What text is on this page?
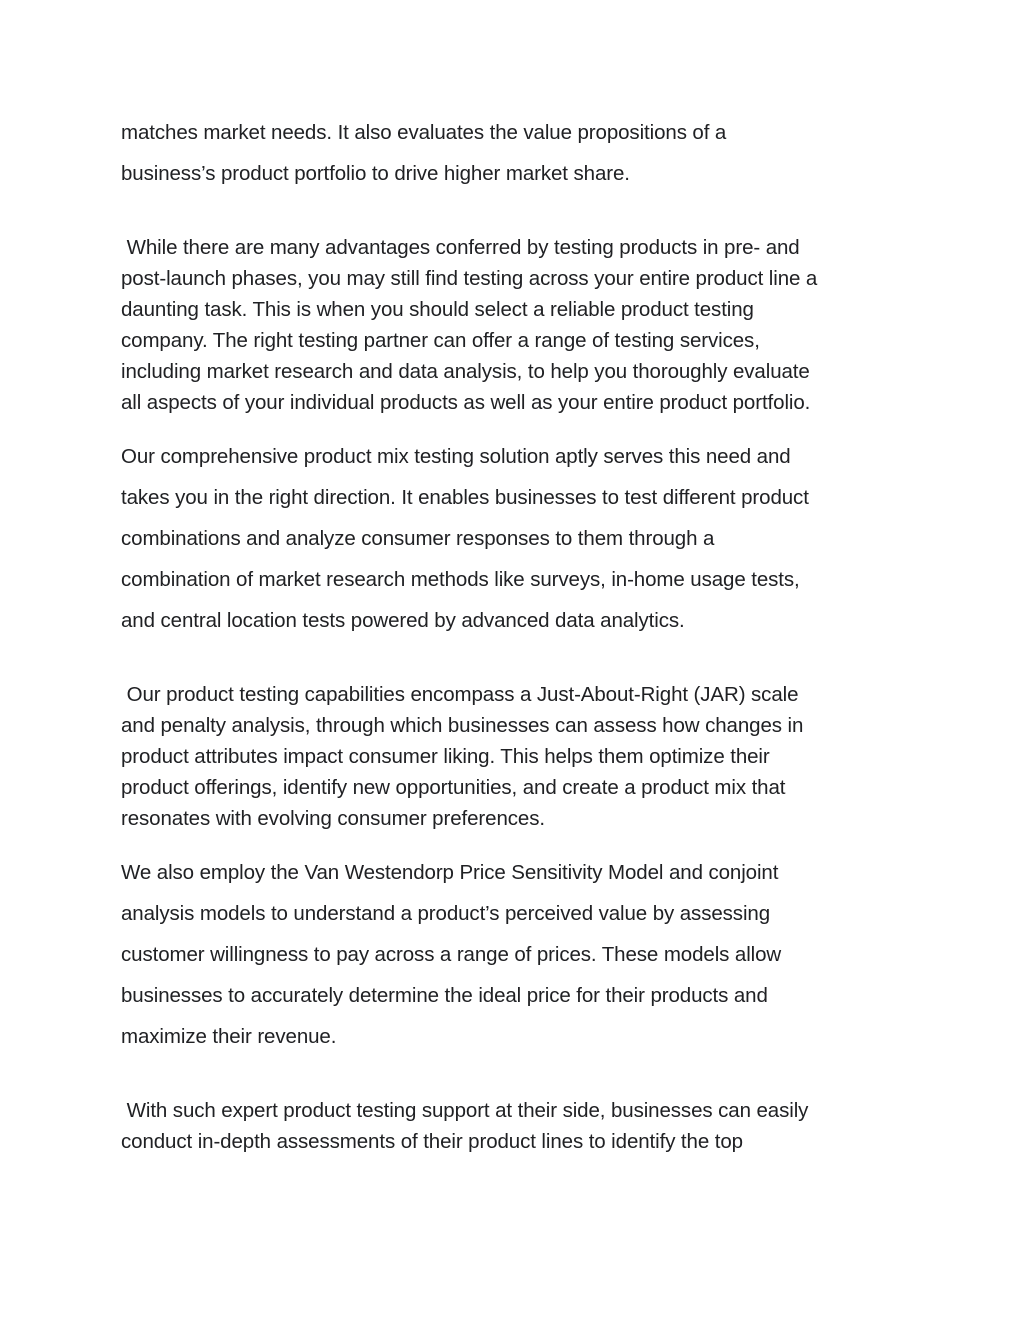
matches market needs. It also evaluates the value propositions of a
business’s product portfolio to drive higher market share.

While there are many advantages conferred by testing products in pre- and
post-launch phases, you may still find testing across your entire product line a
daunting task. This is when you should select a reliable product testing
company. The right testing partner can offer a range of testing services,
including market research and data analysis, to help you thoroughly evaluate
all aspects of your individual products as well as your entire product portfolio.

Our comprehensive product mix testing solution aptly serves this need and
takes you in the right direction. It enables businesses to test different product
combinations and analyze consumer responses to them through a
combination of market research methods like surveys, in-home usage tests,
and central location tests powered by advanced data analytics.

Our product testing capabilities encompass a Just-About-Right (JAR) scale
and penalty analysis, through which businesses can assess how changes in
product attributes impact consumer liking. This helps them optimize their
product offerings, identify new opportunities, and create a product mix that
resonates with evolving consumer preferences.

We also employ the Van Westendorp Price Sensitivity Model and conjoint
analysis models to understand a product’s perceived value by assessing
customer willingness to pay across a range of prices. These models allow
businesses to accurately determine the ideal price for their products and
maximize their revenue.

With such expert product testing support at their side, businesses can easily
conduct in-depth assessments of their product lines to identify the top
